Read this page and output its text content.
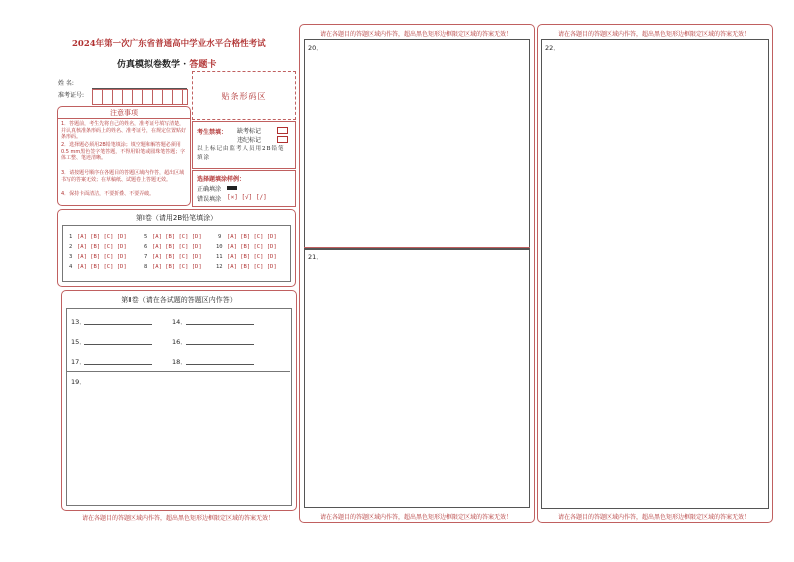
2024年第一次广东省普通高中学业水平合格性考试
仿真模拟卷数学 · 答题卡
姓 名:
准考证号:	贴条形码区
注意事项
1．答题前，考生先将自己的姓名，准考证号填写清楚，并认真核准条形码上的姓名、准考证号，在规定位置贴好条形码。
2．选择题必须用2B铅笔填涂；填空题和解答题必须用0.5 mm黑色签字笔答题，不得用铅笔或圆珠笔答题；字体工整、笔迹清晰。
3．请按题号顺序在各题目的答题区域内作答，超出区域书写的答案无效；在草稿纸、试题卷上答题无效。
4．保持卡面清洁，不要折叠、不要弄破。
考生禁填： 缺考标记
违纪标记
以上标记由监考人员用2B铅笔填涂
选择题填涂样例：
正确填涂
错误填涂 [×] [√] [/]
第Ⅰ卷（请用2B铅笔填涂）
1 [A] [B] [C] [D]
2 [A] [B] [C] [D]
3 [A] [B] [C] [D]
4 [A] [B] [C] [D]
5 [A] [B] [C] [D]
6 [A] [B] [C] [D]
7 [A] [B] [C] [D]
8 [A] [B] [C] [D]
9 [A] [B] [C] [D]
10 [A] [B] [C] [D]
11 [A] [B] [C] [D]
12 [A] [B] [C] [D]
第Ⅱ卷（请在各试题的答题区内作答）
13．	14．
15．	16．
17．	18．
19．
请在各题目的答题区域内作答，超出黑色矩形边框限定区域的答案无效！
请在各题目的答题区域内作答，超出黑色矩形边框限定区域的答案无效！
20．
21．
请在各题目的答题区域内作答，超出黑色矩形边框限定区域的答案无效！
请在各题目的答题区域内作答，超出黑色矩形边框限定区域的答案无效！
22．
请在各题目的答题区域内作答，超出黑色矩形边框限定区域的答案无效！
